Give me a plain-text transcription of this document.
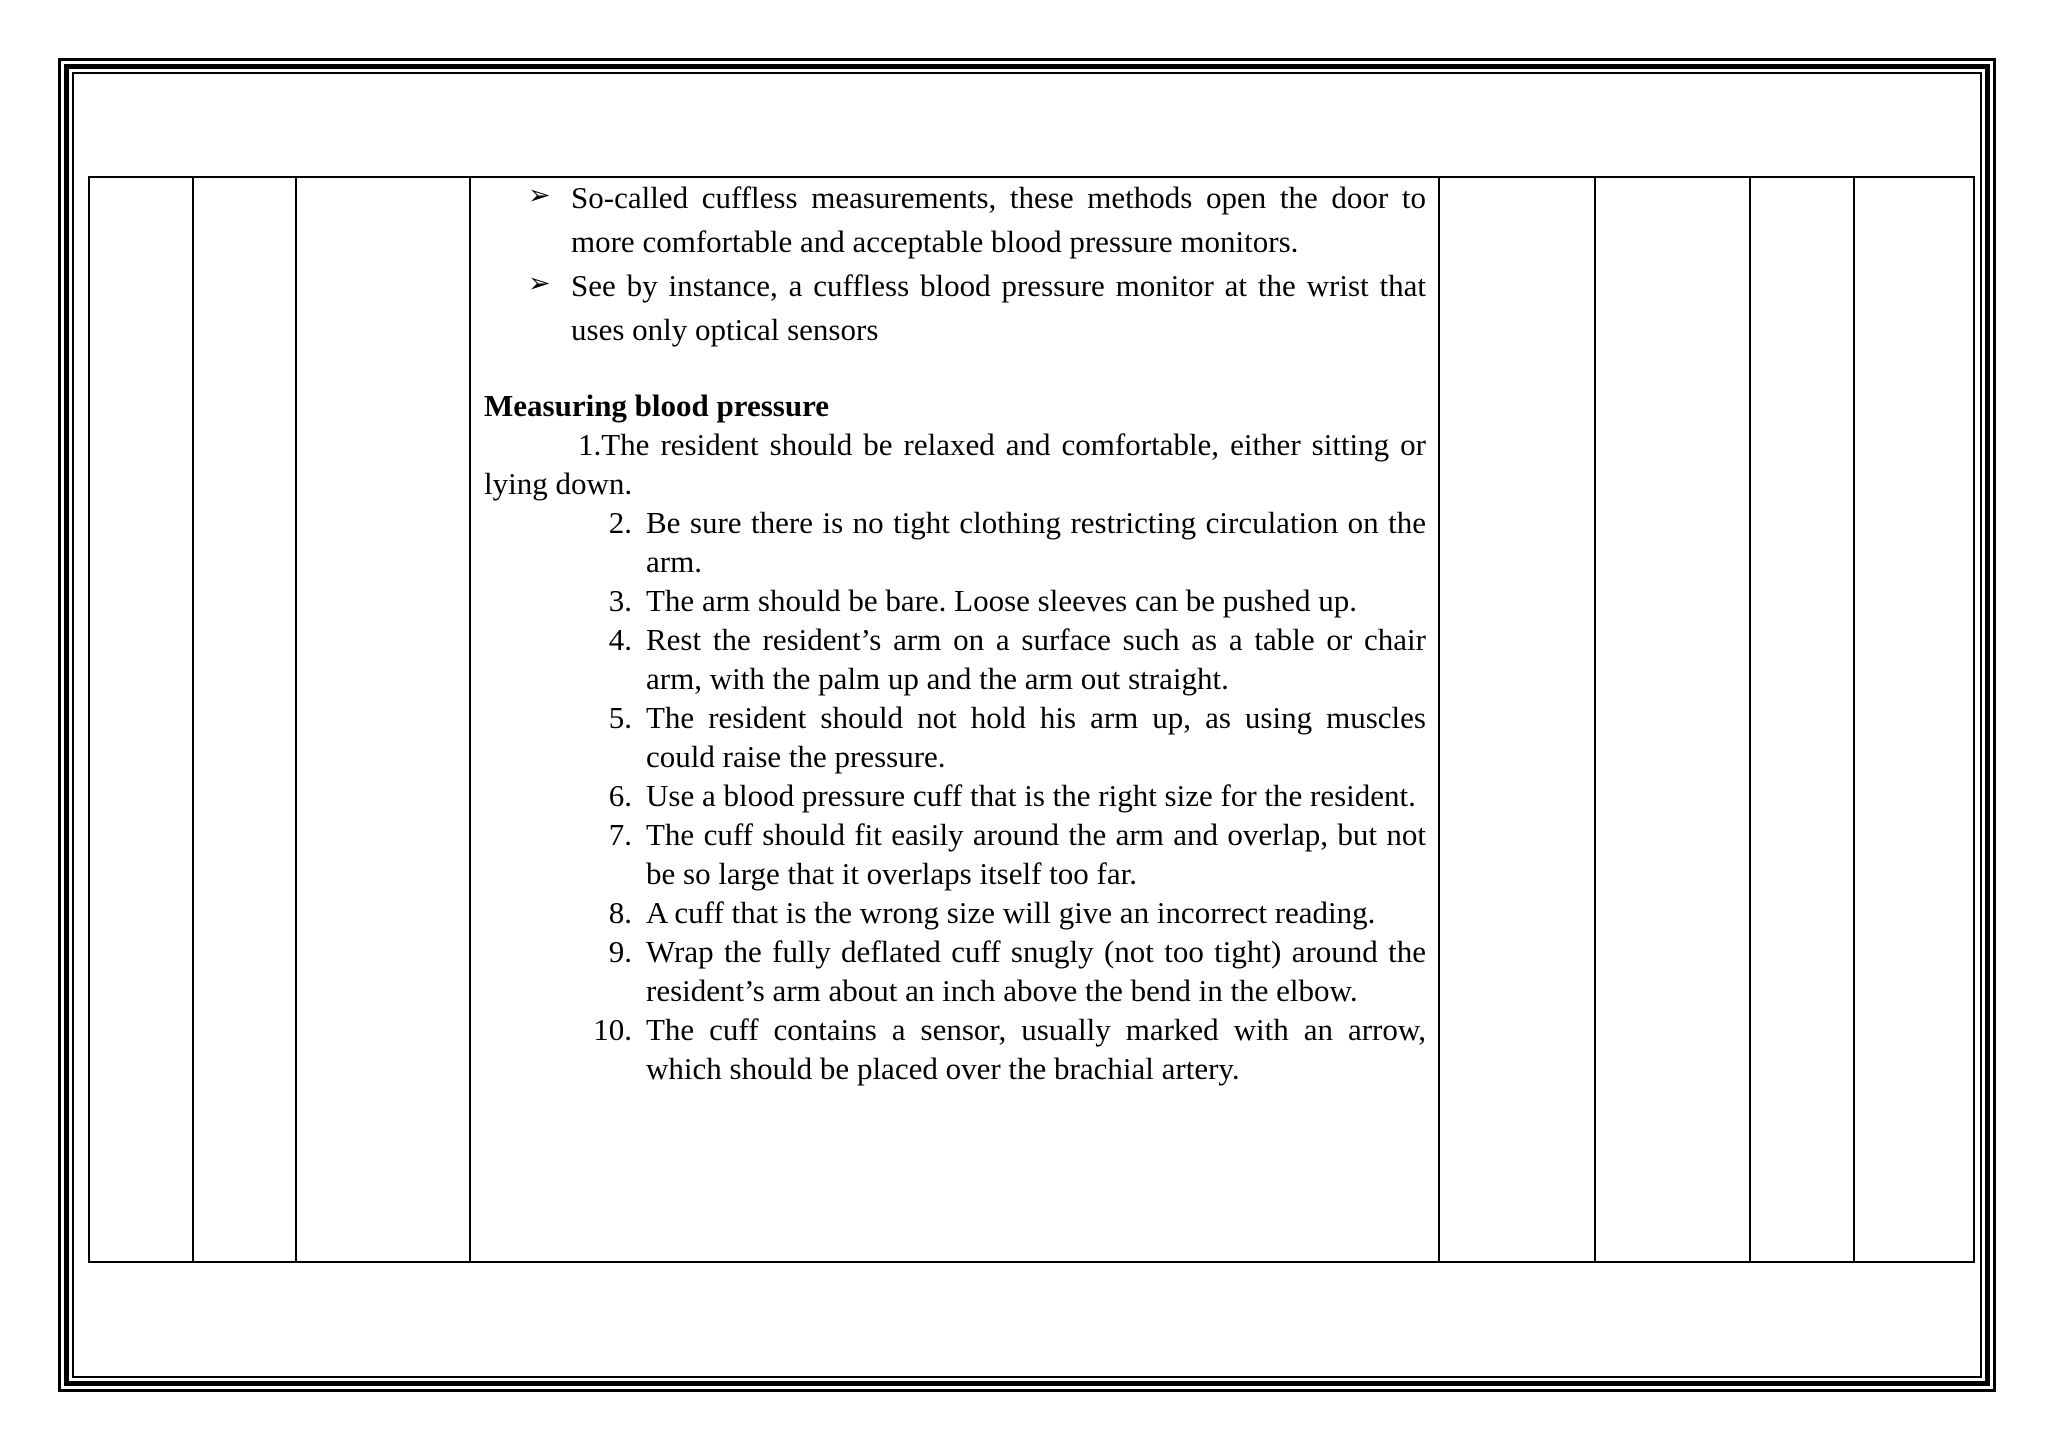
➢ So-called cuffless measurements, these methods open the door to more comfortable and acceptable blood pressure monitors.
➢ See by instance, a cuffless blood pressure monitor at the wrist that uses only optical sensors
Measuring blood pressure
1.The resident should be relaxed and comfortable, either sitting or lying down.
2. Be sure there is no tight clothing restricting circulation on the arm.
3. The arm should be bare. Loose sleeves can be pushed up.
4. Rest the resident’s arm on a surface such as a table or chair arm, with the palm up and the arm out straight.
5. The resident should not hold his arm up, as using muscles could raise the pressure.
6. Use a blood pressure cuff that is the right size for the resident.
7. The cuff should fit easily around the arm and overlap, but not be so large that it overlaps itself too far.
8. A cuff that is the wrong size will give an incorrect reading.
9. Wrap the fully deflated cuff snugly (not too tight) around the resident’s arm about an inch above the bend in the elbow.
10. The cuff contains a sensor, usually marked with an arrow, which should be placed over the brachial artery.
